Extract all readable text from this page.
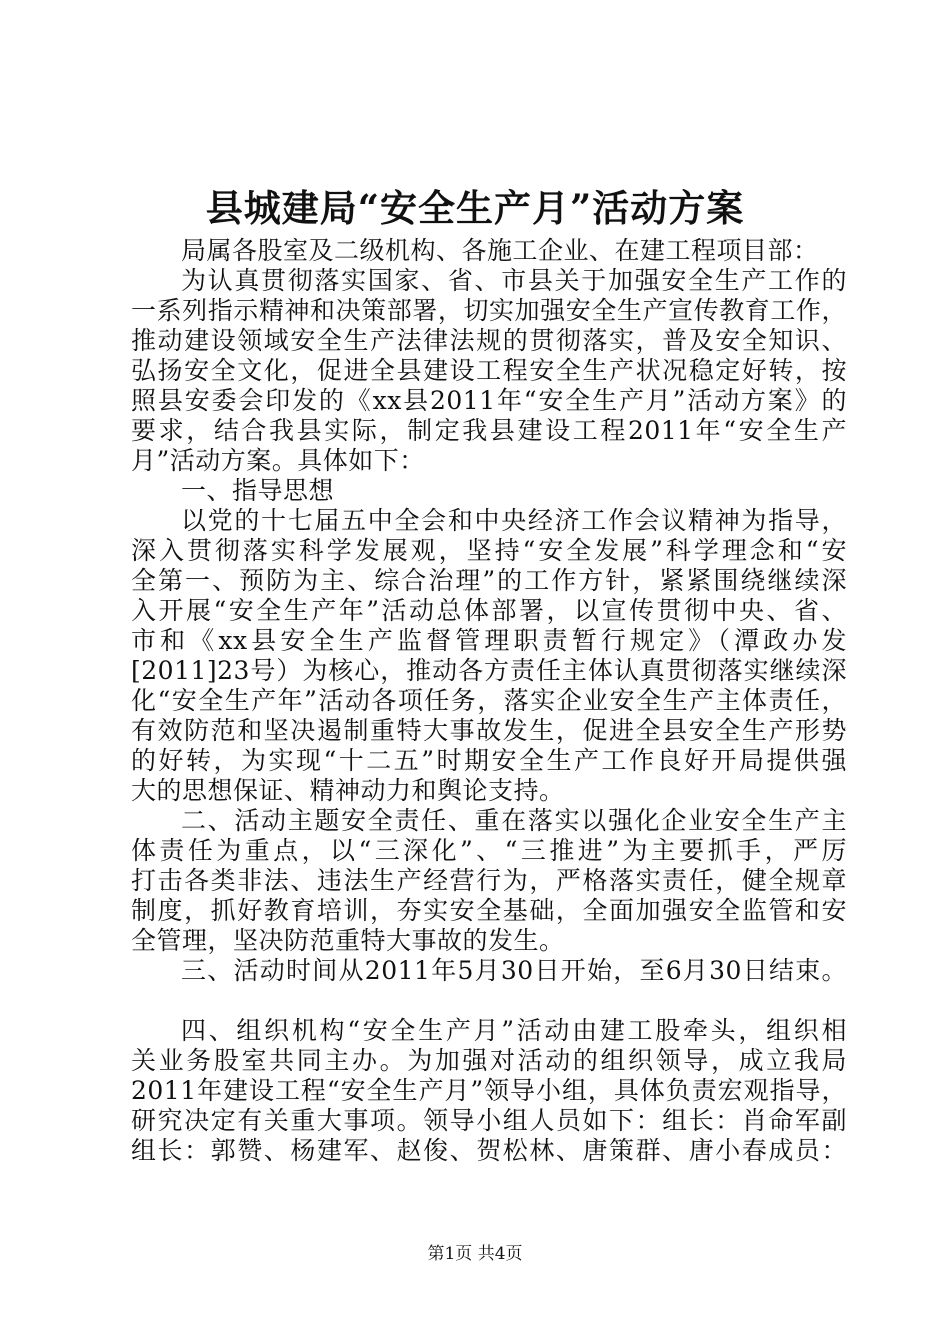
县城建局“安全生产月”活动方案
局属各股室及二级机构、各施工企业、在建工程项目部：
为认真贯彻落实国家、省、市县关于加强安全生产工作的
一系列指示精神和决策部署，切实加强安全生产宣传教育工作，
推动建设领域安全生产法律法规的贯彻落实，普及安全知识、
弘扬安全文化，促进全县建设工程安全生产状况稳定好转，按
照县安委会印发的《xx县2011年“安全生产月”活动方案》的
要求，结合我县实际，制定我县建设工程2011年“安全生产
月”活动方案。具体如下：
一、指导思想
以党的十七届五中全会和中央经济工作会议精神为指导，
深入贯彻落实科学发展观，坚持“安全发展”科学理念和“安
全第一、预防为主、综合治理”的工作方针，紧紧围绕继续深
入开展“安全生产年”活动总体部署，以宣传贯彻中央、省、
市和《xx县安全生产监督管理职责暂行规定》（潭政办发
[2011]23号）为核心，推动各方责任主体认真贯彻落实继续深
化“安全生产年”活动各项任务，落实企业安全生产主体责任，
有效防范和坚决遏制重特大事故发生，促进全县安全生产形势
的好转，为实现“十二五”时期安全生产工作良好开局提供强
大的思想保证、精神动力和舆论支持。
二、活动主题安全责任、重在落实以强化企业安全生产主
体责任为重点，以“三深化”、“三推进”为主要抓手，严厉
打击各类非法、违法生产经营行为，严格落实责任，健全规章
制度，抓好教育培训，夯实安全基础，全面加强安全监管和安
全管理，坚决防范重特大事故的发生。
三、活动时间从2011年5月30日开始，至6月30日结束。
四、组织机构“安全生产月”活动由建工股牵头，组织相
关业务股室共同主办。为加强对活动的组织领导，成立我局
2011年建设工程“安全生产月”领导小组，具体负责宏观指导，
研究决定有关重大事项。领导小组人员如下：组长：肖命军副
组长：郭赞、杨建军、赵俊、贺松林、唐策群、唐小春成员：
第1页 共4页
